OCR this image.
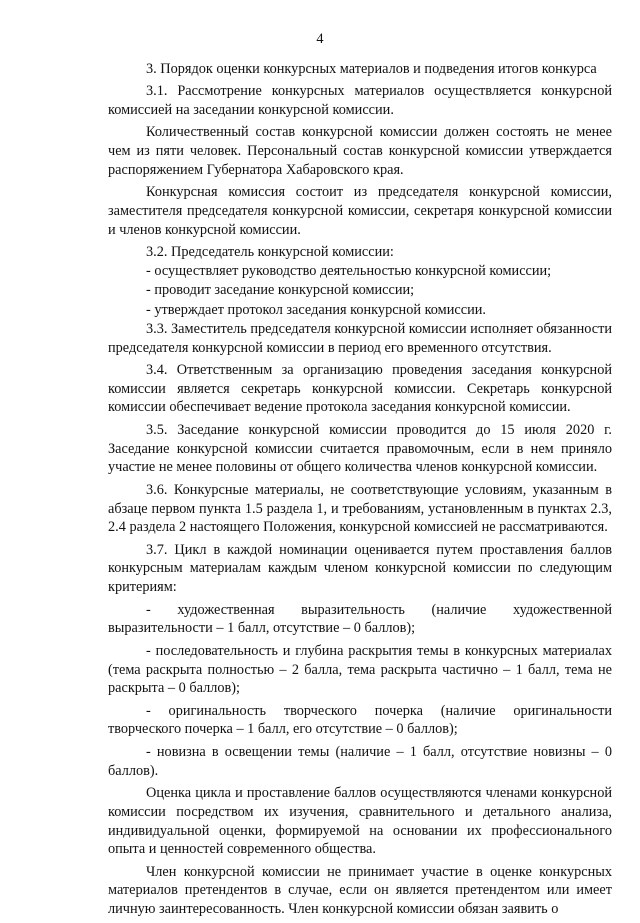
4
3. Порядок оценки конкурсных материалов и подведения итогов конкурса

3.1. Рассмотрение конкурсных материалов осуществляется конкурсной комиссией на заседании конкурсной комиссии.

Количественный состав конкурсной комиссии должен состоять не менее чем из пяти человек. Персональный состав конкурсной комиссии утверждается распоряжением Губернатора Хабаровского края.

Конкурсная комиссия состоит из председателя конкурсной комиссии, заместителя председателя конкурсной комиссии, секретаря конкурсной комиссии и членов конкурсной комиссии.

3.2. Председатель конкурсной комиссии:

- осуществляет руководство деятельностью конкурсной комиссии;

- проводит заседание конкурсной комиссии;

- утверждает протокол заседания конкурсной комиссии.

3.3. Заместитель председателя конкурсной комиссии исполняет обязанности председателя конкурсной комиссии в период его временного отсутствия.

3.4. Ответственным за организацию проведения заседания конкурсной комиссии является секретарь конкурсной комиссии. Секретарь конкурсной комиссии обеспечивает ведение протокола заседания конкурсной комиссии.

3.5. Заседание конкурсной комиссии проводится до 15 июля 2020 г. Заседание конкурсной комиссии считается правомочным, если в нем приняло участие не менее половины от общего количества членов конкурсной комиссии.

3.6. Конкурсные материалы, не соответствующие условиям, указанным в абзаце первом пункта 1.5 раздела 1, и требованиям, установленным в пунктах 2.3, 2.4 раздела 2 настоящего Положения, конкурсной комиссией не рассматриваются.

3.7. Цикл в каждой номинации оценивается путем проставления баллов конкурсным материалам каждым членом конкурсной комиссии по следующим критериям:

- художественная выразительность (наличие художественной выразительности – 1 балл, отсутствие – 0 баллов);

- последовательность и глубина раскрытия темы в конкурсных материалах (тема раскрыта полностью – 2 балла, тема раскрыта частично – 1 балл, тема не раскрыта – 0 баллов);

- оригинальность творческого почерка (наличие оригинальности творческого почерка – 1 балл, его отсутствие – 0 баллов);

- новизна в освещении темы (наличие – 1 балл, отсутствие новизны – 0 баллов).

Оценка цикла и проставление баллов осуществляются членами конкурсной комиссии посредством их изучения, сравнительного и детального анализа, индивидуальной оценки, формируемой на основании их профессионального опыта и ценностей современного общества.

Член конкурсной комиссии не принимает участие в оценке конкурсных материалов претендентов в случае, если он является претендентом или имеет личную заинтересованность. Член конкурсной комиссии обязан заявить о
